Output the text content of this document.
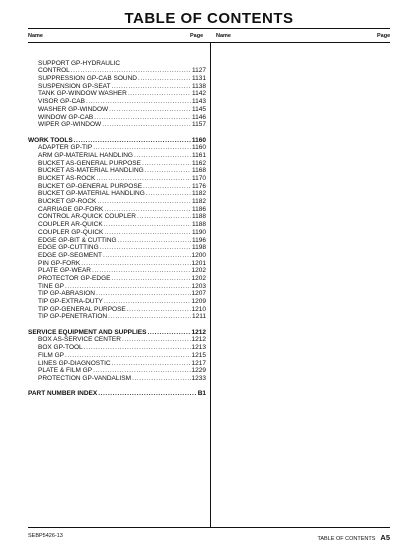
TABLE OF CONTENTS
Name	Page Name	Page
SUPPORT GP-HYDRAULIC
CONTROL .....	1127
SUPPRESSION GP-CAB SOUND .....	1131
SUSPENSION GP-SEAT .....	1138
TANK GP-WINDOW WASHER .....	1142
VISOR GP-CAB .....	1143
WASHER GP-WINDOW .....	1145
WINDOW GP-CAB .....	1146
WIPER GP-WINDOW .....	1157
WORK TOOLS .....	1160
ADAPTER GP-TIP .....	1160
ARM GP-MATERIAL HANDLING .....	1161
BUCKET AS-GENERAL PURPOSE .....	1162
BUCKET AS-MATERIAL HANDLING .....	1168
BUCKET AS-ROCK .....	1170
BUCKET GP-GENERAL PURPOSE .....	1176
BUCKET GP-MATERIAL HANDLING .....	1182
BUCKET GP-ROCK .....	1182
CARRIAGE GP-FORK .....	1186
CONTROL AR-QUICK COUPLER .....	1188
COUPLER AR-QUICK .....	1188
COUPLER GP-QUICK .....	1190
EDGE GP-BIT & CUTTING .....	1196
EDGE GP-CUTTING .....	1198
EDGE GP-SEGMENT .....	1200
PIN GP-FORK .....	1201
PLATE GP-WEAR .....	1202
PROTECTOR GP-EDGE .....	1202
TINE GP .....	1203
TIP GP-ABRASION .....	1207
TIP GP-EXTRA-DUTY .....	1209
TIP GP-GENERAL PURPOSE .....	1210
TIP GP-PENETRATION .....	1211
SERVICE EQUIPMENT AND SUPPLIES .....	1212
BOX AS-SERVICE CENTER .....	1212
BOX GP-TOOL .....	1213
FILM GP .....	1215
LINES GP-DIAGNOSTIC .....	1217
PLATE & FILM GP .....	1229
PROTECTION GP-VANDALISM .....	1233
PART NUMBER INDEX .....	B1
SEBP5426-13	TABLE OF CONTENTS A5
